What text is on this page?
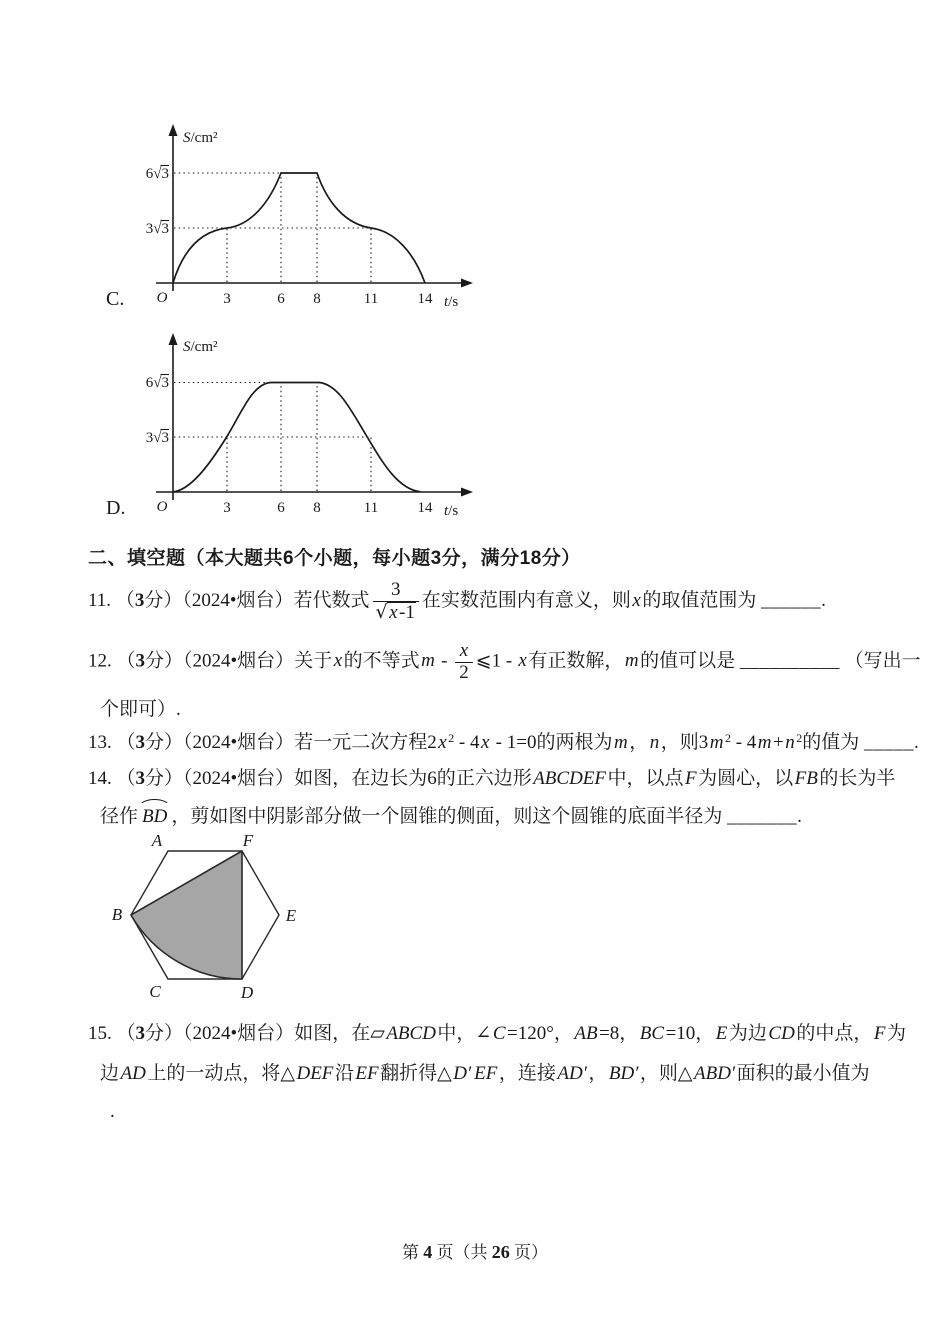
O	3	6 8	11	14 t/s
S/cm²
6√3
3√3
C.
O	3	6 8	11	14 t/s
S/cm²
6√3
3√3
D.
二、填空题（本大题共6个小题，每小题3分，满分18分）
11. （3分）（2024•烟台）若代数式 $\frac{3}{√x-1}$ 在实数范围内有意义，则x的取值范围为 ______.
12. （3分）（2024•烟台）关于x的不等式m - $\frac{x}{2}$ ⩽1 - x有正数解，m的值可以是 __________ （写出一
个即可）.
13. （3分）（2024•烟台）若一元二次方程2x $^2$ - 4x - 1=0的两根为m，n，则3m $^2$ - 4m+n $^2$的值为 _____.
14. （3分）（2024•烟台）如图，在边长为6的正六边形ABCDEF中，以点F为圆心，以FB的长为半
径作 BD ，剪如图中阴影部分做一个圆锥的侧面，则这个圆锥的底面半径为 _______.
A	F
B	E
C	D
15. （3分）（2024•烟台）如图，在▱ABCD中，∠C=120°，AB=8，BC=10，E为边CD的中点，F为
边AD上的一动点，将△DEF沿EF翻折得△D′ EF，连接AD′，BD′，则△ABD′面积的最小值为
.
第 4 页（共 26 页）
